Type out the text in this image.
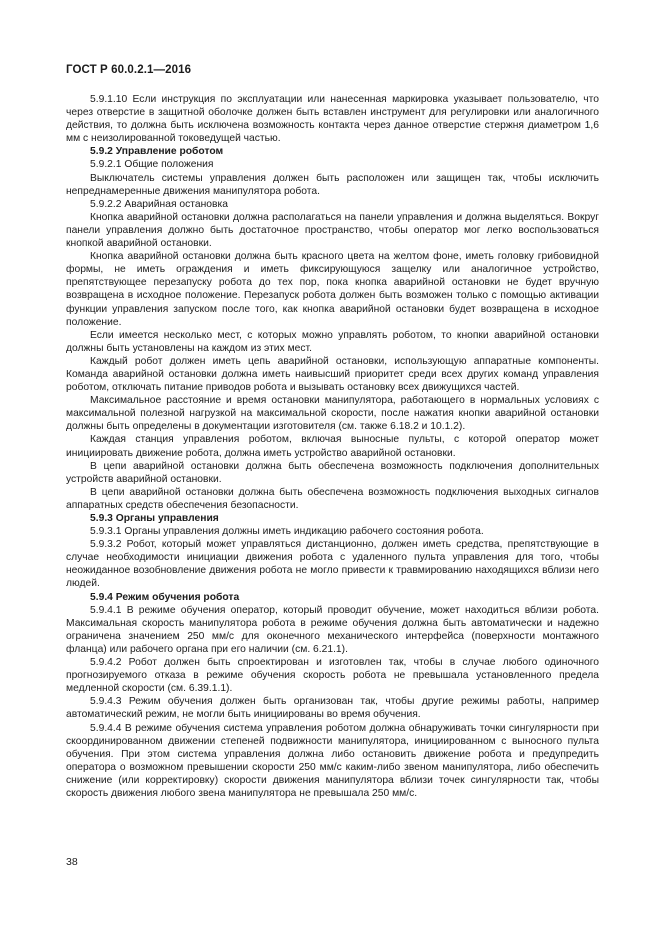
ГОСТ Р 60.0.2.1—2016

5.9.1.10 Если инструкция по эксплуатации или нанесенная маркировка указывает пользователю, что через отверстие в защитной оболочке должен быть вставлен инструмент для регулировки или аналогичного действия, то должна быть исключена возможность контакта через данное отверстие стержня диаметром 1,6 мм с неизолированной токоведущей частью.

5.9.2 Управление роботом

5.9.2.1 Общие положения

Выключатель системы управления должен быть расположен или защищен так, чтобы исключить непреднамеренные движения манипулятора робота.

5.9.2.2 Аварийная остановка

Кнопка аварийной остановки должна располагаться на панели управления и должна выделяться. Вокруг панели управления должно быть достаточное пространство, чтобы оператор мог легко воспользоваться кнопкой аварийной остановки.

Кнопка аварийной остановки должна быть красного цвета на желтом фоне, иметь головку грибовидной формы, не иметь ограждения и иметь фиксирующуюся защелку или аналогичное устройство, препятствующее перезапуску робота до тех пор, пока кнопка аварийной остановки не будет вручную возвращена в исходное положение. Перезапуск робота должен быть возможен только с помощью активации функции управления запуском после того, как кнопка аварийной остановки будет возвращена в исходное положение.

Если имеется несколько мест, с которых можно управлять роботом, то кнопки аварийной остановки должны быть установлены на каждом из этих мест.

Каждый робот должен иметь цепь аварийной остановки, использующую аппаратные компоненты. Команда аварийной остановки должна иметь наивысший приоритет среди всех других команд управления роботом, отключать питание приводов робота и вызывать остановку всех движущихся частей.

Максимальное расстояние и время остановки манипулятора, работающего в нормальных условиях с максимальной полезной нагрузкой на максимальной скорости, после нажатия кнопки аварийной остановки должны быть определены в документации изготовителя (см. также 6.18.2 и 10.1.2).

Каждая станция управления роботом, включая выносные пульты, с которой оператор может инициировать движение робота, должна иметь устройство аварийной остановки.

В цепи аварийной остановки должна быть обеспечена возможность подключения дополнительных устройств аварийной остановки.

В цепи аварийной остановки должна быть обеспечена возможность подключения выходных сигналов аппаратных средств обеспечения безопасности.

5.9.3 Органы управления

5.9.3.1 Органы управления должны иметь индикацию рабочего состояния робота.

5.9.3.2 Робот, который может управляться дистанционно, должен иметь средства, препятствующие в случае необходимости инициации движения робота с удаленного пульта управления для того, чтобы неожиданное возобновление движения робота не могло привести к травмированию находящихся вблизи него людей.

5.9.4 Режим обучения робота

5.9.4.1 В режиме обучения оператор, который проводит обучение, может находиться вблизи робота. Максимальная скорость манипулятора робота в режиме обучения должна быть автоматически и надежно ограничена значением 250 мм/с для оконечного механического интерфейса (поверхности монтажного фланца) или рабочего органа при его наличии (см. 6.21.1).

5.9.4.2 Робот должен быть спроектирован и изготовлен так, чтобы в случае любого одиночного прогнозируемого отказа в режиме обучения скорость робота не превышала установленного предела медленной скорости (см. 6.39.1.1).

5.9.4.3 Режим обучения должен быть организован так, чтобы другие режимы работы, например автоматический режим, не могли быть инициированы во время обучения.

5.9.4.4 В режиме обучения система управления роботом должна обнаруживать точки сингулярности при скоординированном движении степеней подвижности манипулятора, инициированном с выносного пульта обучения. При этом система управления должна либо остановить движение робота и предупредить оператора о возможном превышении скорости 250 мм/с каким-либо звеном манипулятора, либо обеспечить снижение (или корректировку) скорости движения манипулятора вблизи точек сингулярности так, чтобы скорость движения любого звена манипулятора не превышала 250 мм/с.

38
